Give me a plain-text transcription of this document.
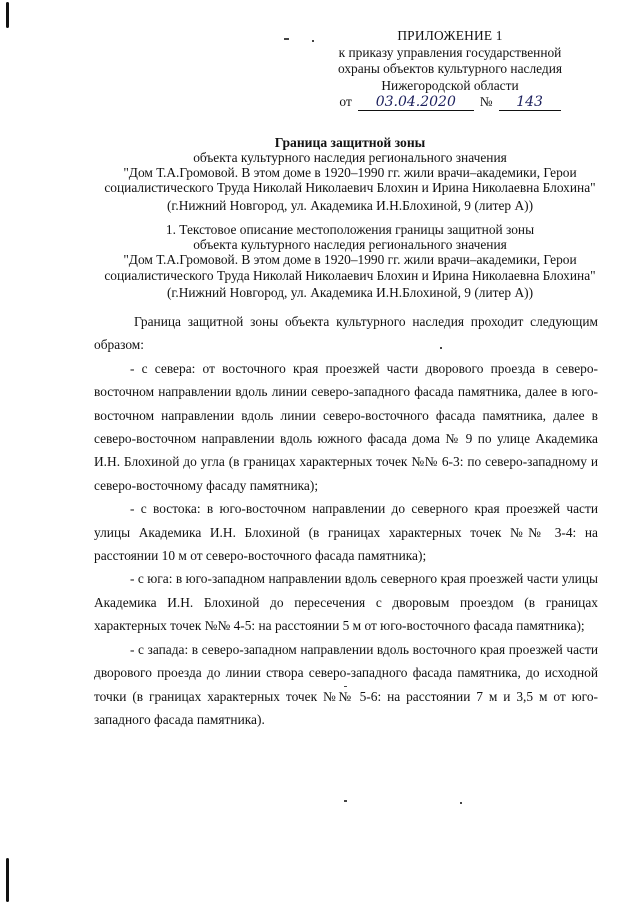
ПРИЛОЖЕНИЕ 1
к приказу управления государственной
охраны объектов культурного наследия
Нижегородской области
от	03.04.2020	№	143
Граница защитной зоны
объекта культурного наследия регионального значения
"Дом Т.А.Громовой. В этом доме в 1920–1990 гг. жили врачи–академики, Герои
социалистического Труда Николай Николаевич Блохин и Ирина Николаевна Блохина"
(г.Нижний Новгород, ул. Академика И.Н.Блохиной, 9 (литер А))
1. Текстовое описание местоположения границы защитной зоны
объекта культурного наследия регионального значения
"Дом Т.А.Громовой. В этом доме в 1920–1990 гг. жили врачи–академики, Герои
социалистического Труда Николай Николаевич Блохин и Ирина Николаевна Блохина"
(г.Нижний Новгород, ул. Академика И.Н.Блохиной, 9 (литер А))

Граница защитной зоны объекта культурного наследия проходит следующим образом:

- с севера: от восточного края проезжей части дворового проезда в северо-восточном направлении вдоль линии северо-западного фасада памятника, далее в юго-восточном направлении вдоль линии северо-восточного фасада памятника, далее в северо-восточном направлении вдоль южного фасада дома № 9 по улице Академика И.Н. Блохиной до угла (в границах характерных точек №№ 6-3: по северо-западному и северо-восточному фасаду памятника);

- с востока: в юго-восточном направлении до северного края проезжей части улицы Академика И.Н. Блохиной (в границах характерных точек №№ 3-4: на расстоянии 10 м от северо-восточного фасада памятника);

- с юга: в юго-западном направлении вдоль северного края проезжей части улицы Академика И.Н. Блохиной до пересечения с дворовым проездом (в границах характерных точек №№ 4-5: на расстоянии 5 м от юго-восточного фасада памятника);

- с запада: в северо-западном направлении вдоль восточного края проезжей части дворового проезда до линии створа северо-западного фасада памятника, до исходной точки (в границах характерных точек №№ 5-6: на расстоянии 7 м и 3,5 м от юго-западного фасада памятника).
